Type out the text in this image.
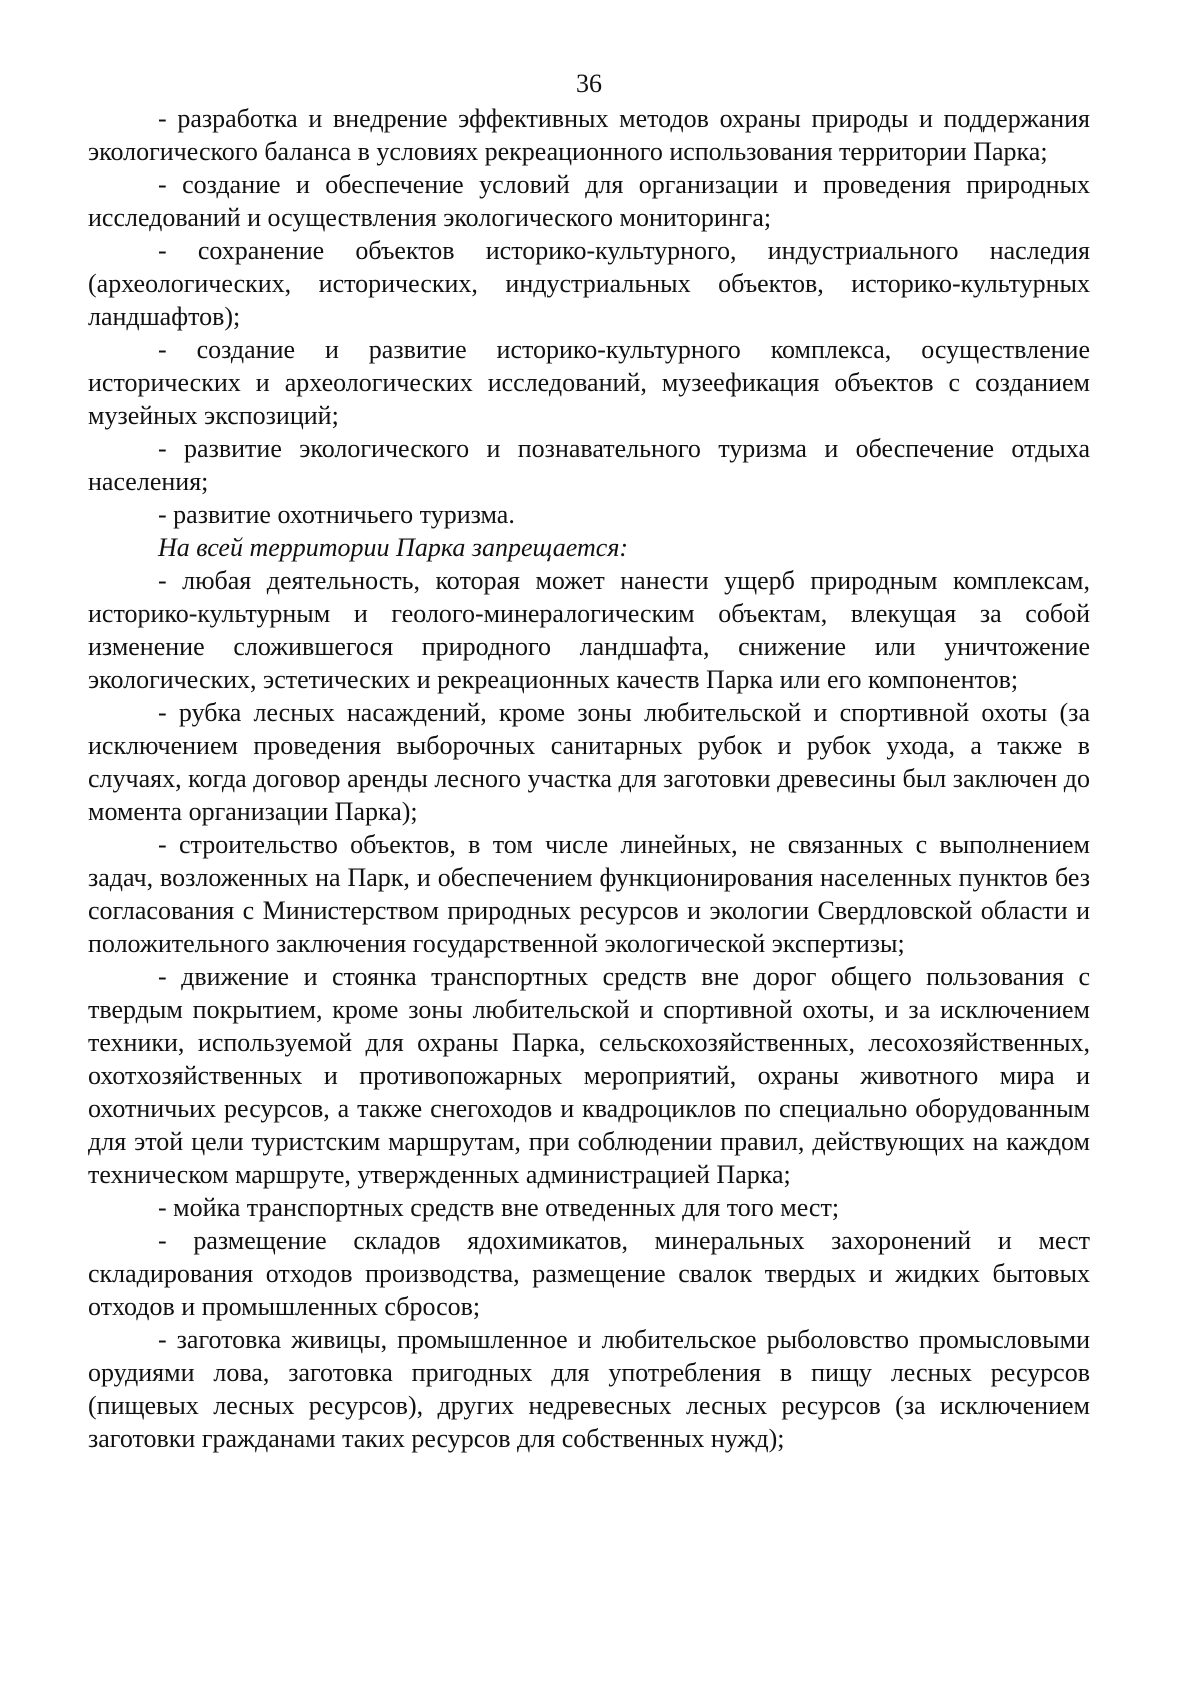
36

- разработка и внедрение эффективных методов охраны природы и поддержания экологического баланса в условиях рекреационного использования территории Парка;

- создание и обеспечение условий для организации и проведения природных исследований и осуществления экологического мониторинга;

- сохранение объектов историко-культурного, индустриального наследия (археологических, исторических, индустриальных объектов, историко-культурных ландшафтов);

- создание и развитие историко-культурного комплекса, осуществление исторических и археологических исследований, музеефикация объектов с созданием музейных экспозиций;

- развитие экологического и познавательного туризма и обеспечение отдыха населения;

- развитие охотничьего туризма.

На всей территории Парка запрещается:

- любая деятельность, которая может нанести ущерб природным комплексам, историко-культурным и геолого-минералогическим объектам, влекущая за собой изменение сложившегося природного ландшафта, снижение или уничтожение экологических, эстетических и рекреационных качеств Парка или его компонентов;

- рубка лесных насаждений, кроме зоны любительской и спортивной охоты (за исключением проведения выборочных санитарных рубок и рубок ухода, а также в случаях, когда договор аренды лесного участка для заготовки древесины был заключен до момента организации Парка);

- строительство объектов, в том числе линейных, не связанных с выполнением задач, возложенных на Парк, и обеспечением функционирования населенных пунктов без согласования с Министерством природных ресурсов и экологии Свердловской области и положительного заключения государственной экологической экспертизы;

- движение и стоянка транспортных средств вне дорог общего пользования с твердым покрытием, кроме зоны любительской и спортивной охоты, и за исключением техники, используемой для охраны Парка, сельскохозяйственных, лесохозяйственных, охотхозяйственных и противопожарных мероприятий, охраны животного мира и охотничьих ресурсов, а также снегоходов и квадроциклов по специально оборудованным для этой цели туристским маршрутам, при соблюдении правил, действующих на каждом техническом маршруте, утвержденных администрацией Парка;

- мойка транспортных средств вне отведенных для того мест;

- размещение складов ядохимикатов, минеральных захоронений и мест складирования отходов производства, размещение свалок твердых и жидких бытовых отходов и промышленных сбросов;

- заготовка живицы, промышленное и любительское рыболовство промысловыми орудиями лова, заготовка пригодных для употребления в пищу лесных ресурсов (пищевых лесных ресурсов), других недревесных лесных ресурсов (за исключением заготовки гражданами таких ресурсов для собственных нужд);
